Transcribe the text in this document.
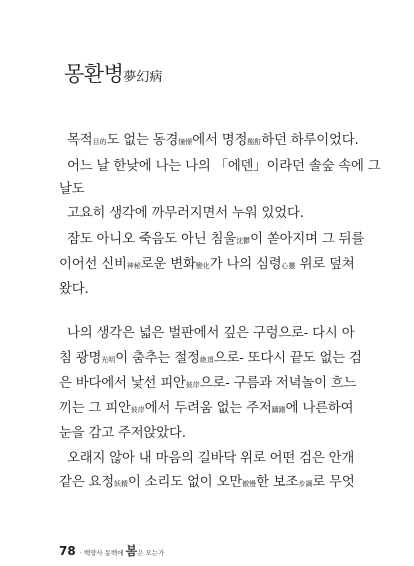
몽환병夢幻病
목적目的도 없는 동경憧憬에서 명정酩酊하던 하루이었다.
어느 날 한낮에 나는 나의 「에덴」이라던 솔숲 속에 그
날도
고요히 생각에 까무러지면서 누워 있었다.
잠도 아니오 죽음도 아닌 침울沈鬱이 쏟아지며 그 뒤를
이어선 신비神秘로운 변화變化가 나의 심령心靈 위로 덮쳐
왔다.
나의 생각은 넓은 벌판에서 깊은 구렁으로- 다시 아
침 광명光明이 춤추는 절정絶頂으로- 또다시 끝도 없는 검
은 바다에서 낯선 피안彼岸으로- 구름과 저녁놀이 흐느
끼는 그 피안彼岸에서 두려움 없는 주저躊躇에 나른하여
눈을 감고 주저앉았다.
오래지 않아 내 마음의 길바닥 위로 어떤 검은 안개
같은 요정妖精이 소리도 없이 오만傲慢한 보조步調로 무엇
78 · 백양사 동백에 봄은 오는가
